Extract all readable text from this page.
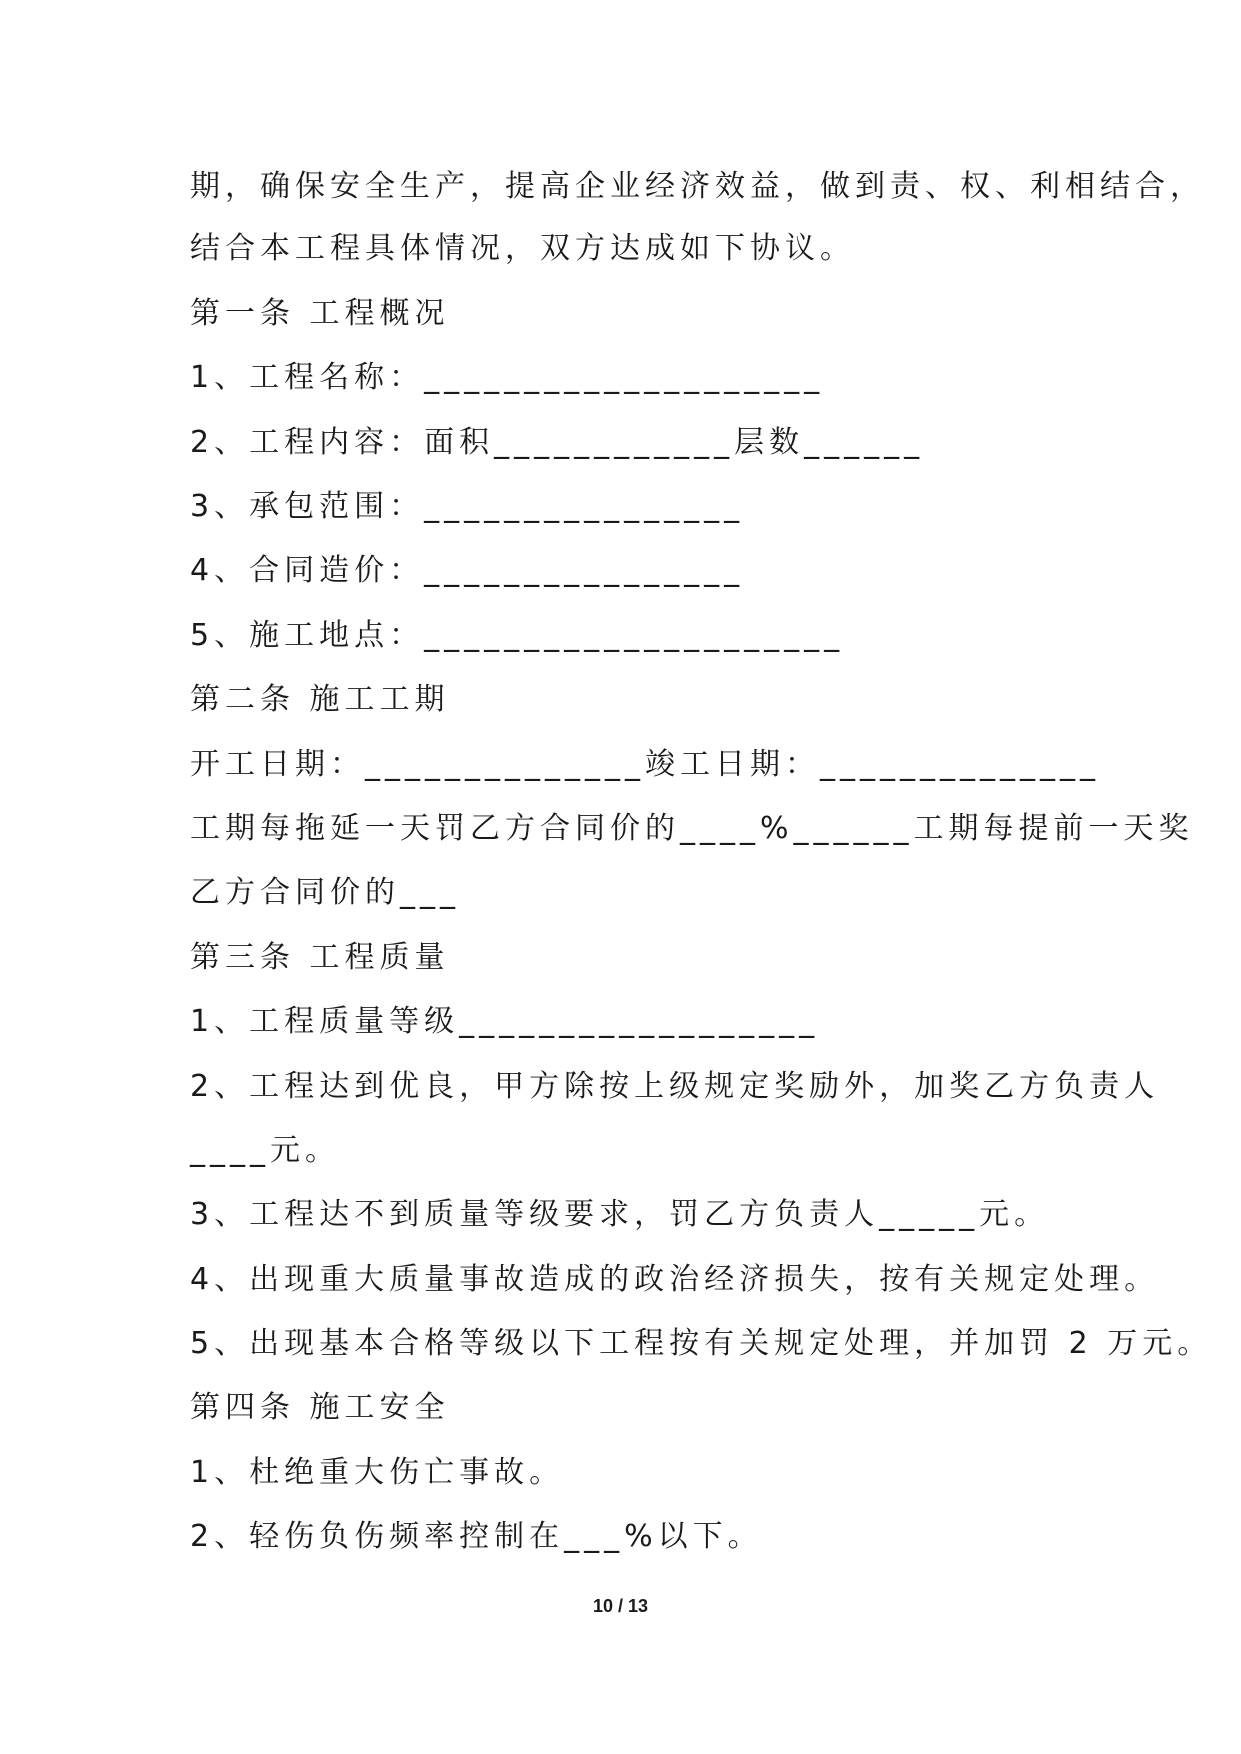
期，确保安全生产，提高企业经济效益，做到责、权、利相结合，
结合本工程具体情况，双方达成如下协议。
第一条 工程概况
1、工程名称：____________________
2、工程内容：面积____________层数______
3、承包范围：________________
4、合同造价：________________
5、施工地点：_____________________
第二条 施工工期
开工日期：______________竣工日期：______________
工期每拖延一天罚乙方合同价的____%______工期每提前一天奖
乙方合同价的___
第三条 工程质量
1、工程质量等级__________________
2、工程达到优良，甲方除按上级规定奖励外，加奖乙方负责人
____元。
3、工程达不到质量等级要求，罚乙方负责人_____元。
4、出现重大质量事故造成的政治经济损失，按有关规定处理。
5、出现基本合格等级以下工程按有关规定处理，并加罚 2 万元。
第四条 施工安全
1、杜绝重大伤亡事故。
2、轻伤负伤频率控制在___%以下。
10 / 13
